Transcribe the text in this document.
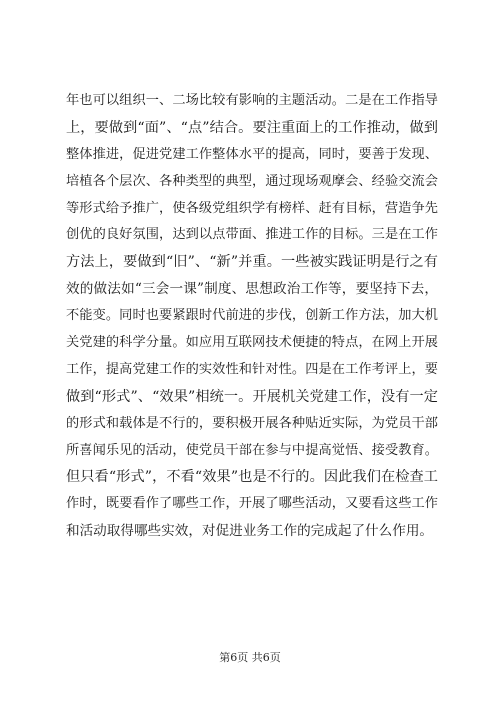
年也可以组织一、二场比较有影响的主题活动。二是在工作指导
上，要做到“面”、“点”结合。要注重面上的工作推动，做到
整体推进，促进党建工作整体水平的提高，同时，要善于发现、
培植各个层次、各种类型的典型，通过现场观摩会、经验交流会
等形式给予推广，使各级党组织学有榜样、赶有目标，营造争先
创优的良好氛围，达到以点带面、推进工作的目标。三是在工作
方法上，要做到“旧”、“新”并重。一些被实践证明是行之有
效的做法如“三会一课”制度、思想政治工作等，要坚持下去，
不能变。同时也要紧跟时代前进的步伐，创新工作方法，加大机
关党建的科学分量。如应用互联网技术便捷的特点，在网上开展
工作，提高党建工作的实效性和针对性。四是在工作考评上，要
做到“形式”、“效果”相统一。开展机关党建工作，没有一定
的形式和载体是不行的，要积极开展各种贴近实际，为党员干部
所喜闻乐见的活动，使党员干部在参与中提高觉悟、接受教育。
但只看“形式”，不看“效果”也是不行的。因此我们在检查工
作时，既要看作了哪些工作，开展了哪些活动，又要看这些工作
和活动取得哪些实效，对促进业务工作的完成起了什么作用。
第6页 共6页
